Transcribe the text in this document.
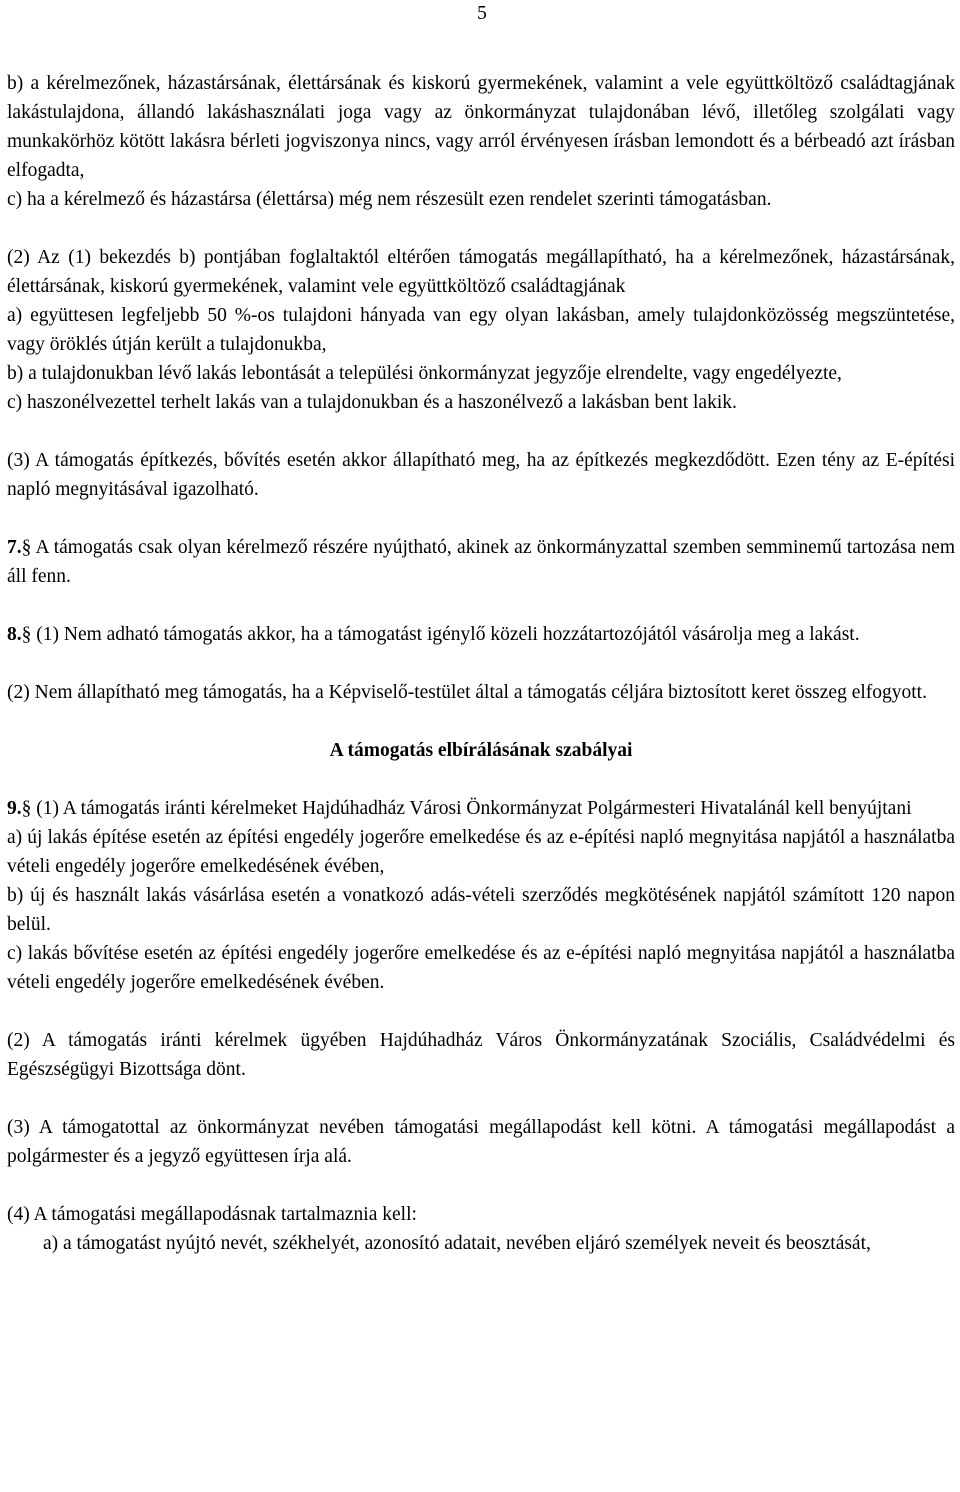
5

b) a kérelmezőnek, házastársának, élettársának és kiskorú gyermekének, valamint a vele együttköltöző családtagjának lakástulajdona, állandó lakáshasználati joga vagy az önkormányzat tulajdonában lévő, illetőleg szolgálati vagy munkakörhöz kötött lakásra bérleti jogviszonya nincs, vagy arról érvényesen írásban lemondott és a bérbeadó azt írásban elfogadta,

c) ha a kérelmező és házastársa (élettársa) még nem részesült ezen rendelet szerinti támogatásban.

(2) Az (1) bekezdés b) pontjában foglaltaktól eltérően támogatás megállapítható, ha a kérelmezőnek, házastársának, élettársának, kiskorú gyermekének, valamint vele együttköltöző családtagjának

a) együttesen legfeljebb 50 %-os tulajdoni hányada van egy olyan lakásban, amely tulajdonközösség megszüntetése, vagy öröklés útján került a tulajdonukba,

b) a tulajdonukban lévő lakás lebontását a települési önkormányzat jegyzője elrendelte, vagy engedélyezte,

c) haszonélvezettel terhelt lakás van a tulajdonukban és a haszonélvező a lakásban bent lakik.

(3) A támogatás építkezés, bővítés esetén akkor állapítható meg, ha az építkezés megkezdődött. Ezen tény az E-építési napló megnyitásával igazolható.

7.§ A támogatás csak olyan kérelmező részére nyújtható, akinek az önkormányzattal szemben semminemű tartozása nem áll fenn.

8.§ (1) Nem adható támogatás akkor, ha a támogatást igénylő közeli hozzátartozójától vásárolja meg a lakást.

(2) Nem állapítható meg támogatás, ha a Képviselő-testület által a támogatás céljára biztosított keret összeg elfogyott.

A támogatás elbírálásának szabályai

9.§ (1) A támogatás iránti kérelmeket Hajdúhadház Városi Önkormányzat Polgármesteri Hivatalánál kell benyújtani

a) új lakás építése esetén az építési engedély jogerőre emelkedése és az e-építési napló megnyitása napjától a használatba vételi engedély jogerőre emelkedésének évében,

b) új és használt lakás vásárlása esetén a vonatkozó adás-vételi szerződés megkötésének napjától számított 120 napon belül.

c) lakás bővítése esetén az építési engedély jogerőre emelkedése és az e-építési napló megnyitása napjától a használatba vételi engedély jogerőre emelkedésének évében.

(2) A támogatás iránti kérelmek ügyében Hajdúhadház Város Önkormányzatának Szociális, Családvédelmi és Egészségügyi Bizottsága dönt.

(3) A támogatottal az önkormányzat nevében támogatási megállapodást kell kötni. A támogatási megállapodást a polgármester és a jegyző együttesen írja alá.

(4) A támogatási megállapodásnak tartalmaznia kell:

a) a támogatást nyújtó nevét, székhelyét, azonosító adatait, nevében eljáró személyek neveit és beosztását,
